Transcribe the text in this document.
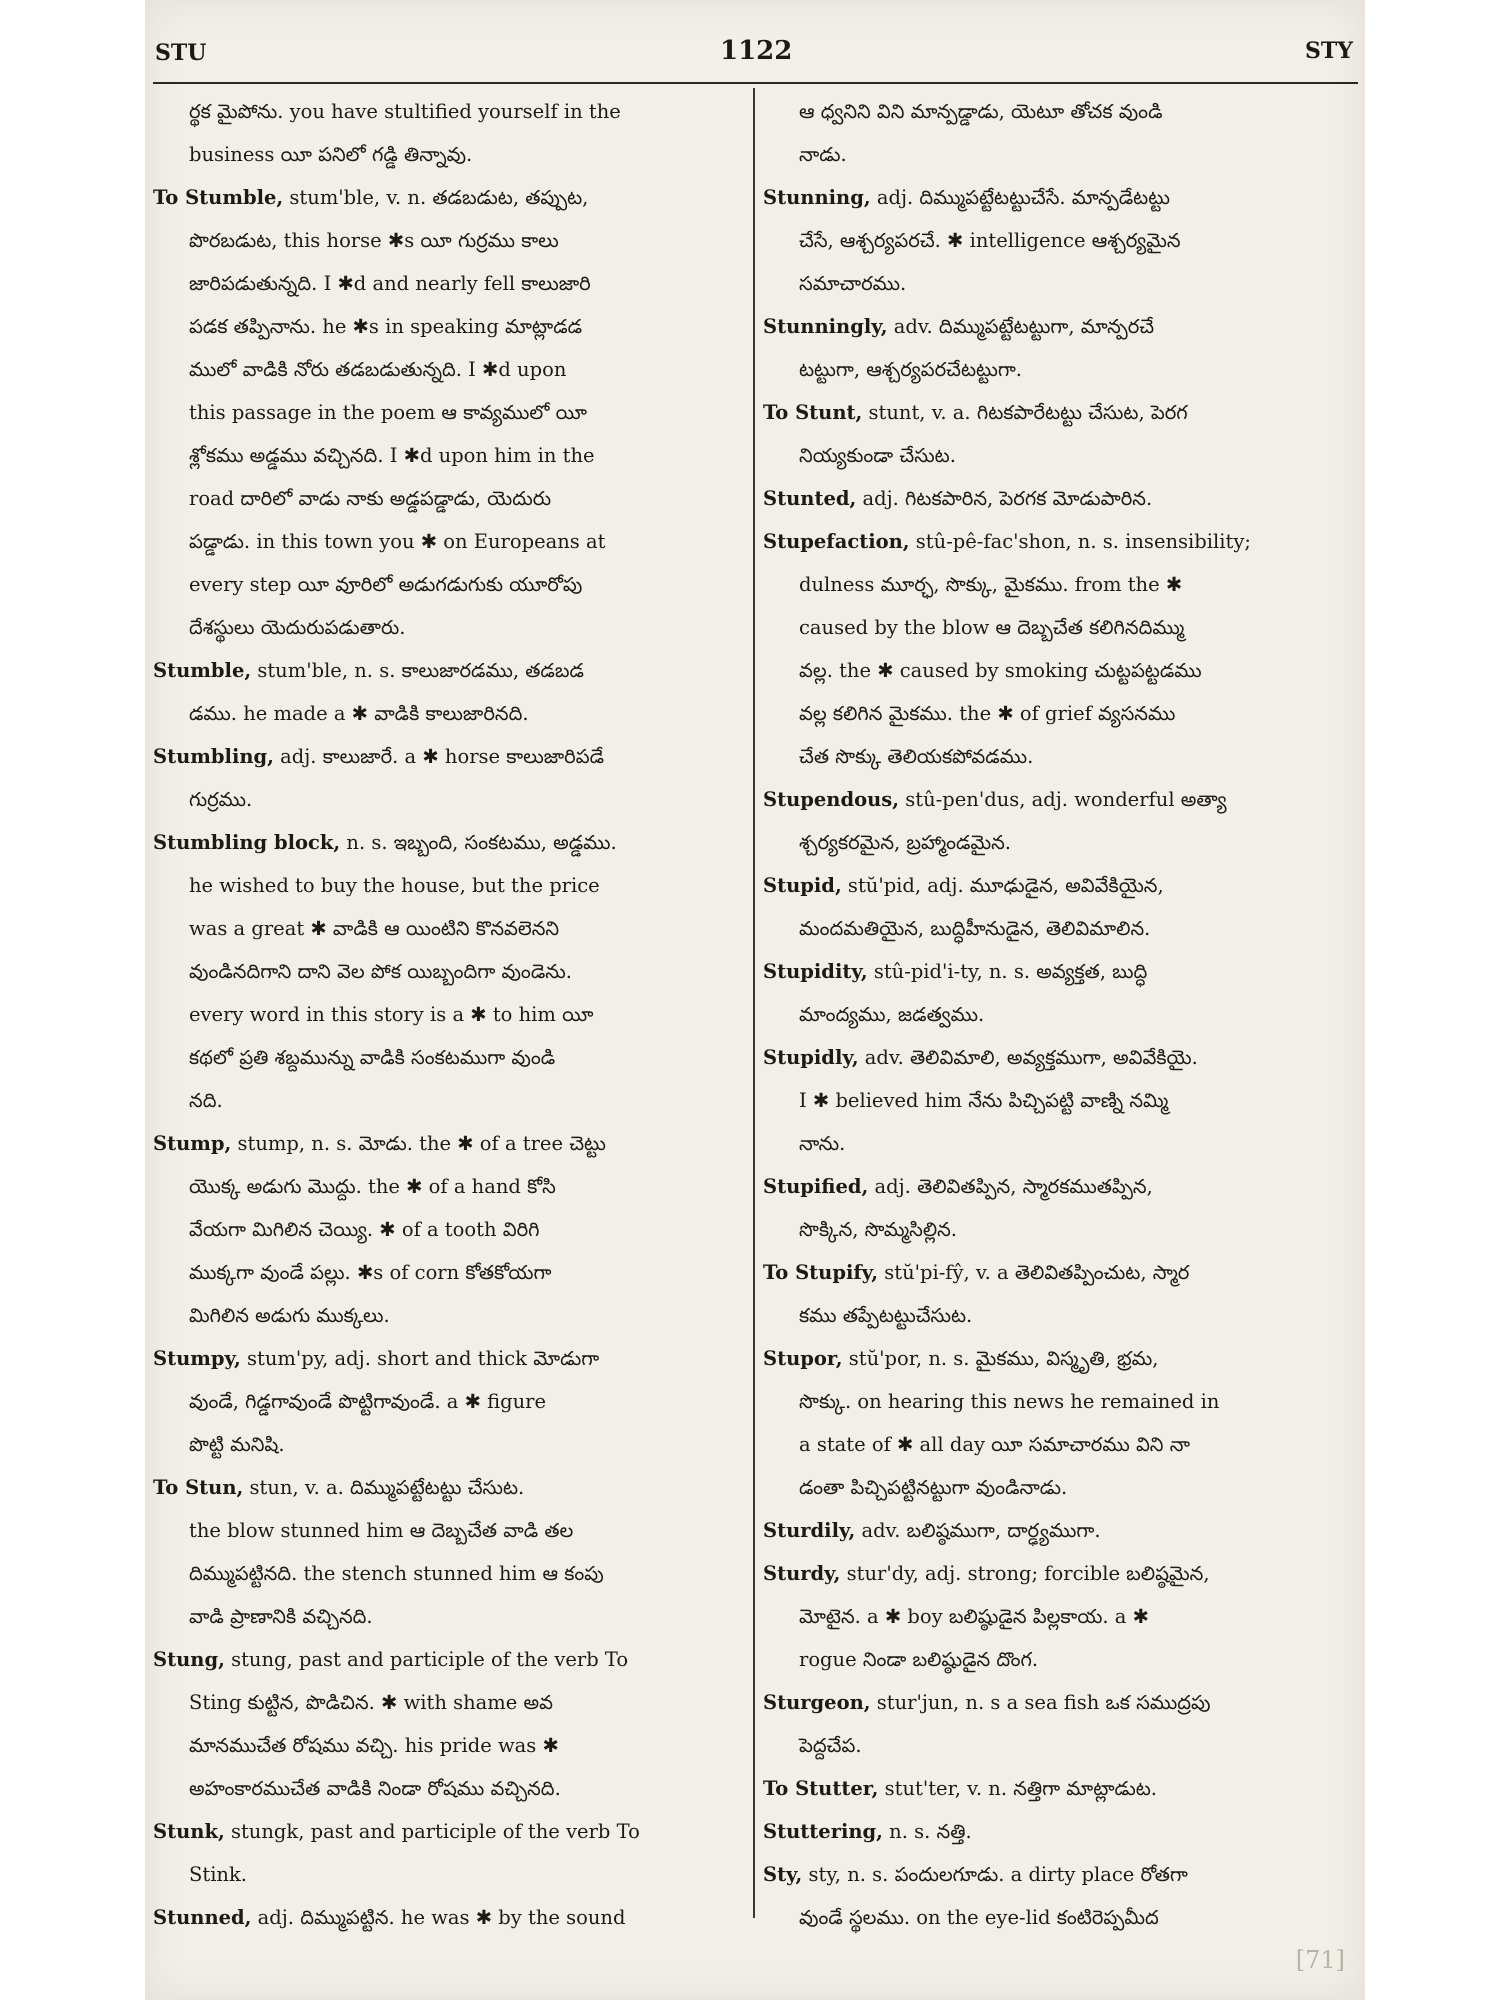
STU	1122	STY
ర్థక మైపోను. you have stultified yourself in the
business యీ పనిలో గడ్డి తిన్నావు.
To Stumble, stum'ble, v. n. తడబడుట, తప్పుట,
పొరబడుట, this horse ✱s యీ గుర్రము కాలు
జారిపడుతున్నది. I ✱d and nearly fell కాలుజారి
పడక తప్పినాను. he ✱s in speaking మాట్లాడడ
ములో వాడికి నోరు తడబడుతున్నది. I ✱d upon
this passage in the poem ఆ కావ్యములో యీ
శ్లోకము అడ్డము వచ్చినది. I ✱d upon him in the
road దారిలో వాడు నాకు అడ్డపడ్డాడు, యెదురు
పడ్డాడు. in this town you ✱ on Europeans at
every step యీ వూరిలో అడుగడుగుకు యూరోపు
దేశస్థులు యెదురుపడుతారు.
Stumble, stum'ble, n. s. కాలుజారడము, తడబడ
డము. he made a ✱ వాడికి కాలుజారినది.
Stumbling, adj. కాలుజారే. a ✱ horse కాలుజారిపడే
గుర్రము.
Stumbling block, n. s. ఇబ్బంది, సంకటము, అడ్డము.
he wished to buy the house, but the price
was a great ✱ వాడికి ఆ యింటిని కొనవలెనని
వుండినదిగాని దాని వెల పోక యిబ్బందిగా వుండెను.
every word in this story is a ✱ to him యీ
కథలో ప్రతి శబ్దమున్ను వాడికి సంకటముగా వుండి
నది.
Stump, stump, n. s. మోడు. the ✱ of a tree చెట్టు
యొక్క అడుగు మొద్దు. the ✱ of a hand కోసి
వేయగా మిగిలిన చెయ్యి. ✱ of a tooth విరిగి
ముక్కగా వుండే పల్లు. ✱s of corn కోతకోయగా
మిగిలిన అడుగు ముక్కలు.
Stumpy, stum'py, adj. short and thick మోడుగా
వుండే, గిడ్డగావుండే పొట్టిగావుండే. a ✱ figure
పొట్టి మనిషి.
To Stun, stun, v. a. దిమ్ముపట్టేటట్టు చేసుట.
the blow stunned him ఆ దెబ్బచేత వాడి తల
దిమ్ముపట్టినది. the stench stunned him ఆ కంపు
వాడి ప్రాణానికి వచ్చినది.
Stung, stung, past and participle of the verb To
Sting కుట్టిన, పొడిచిన. ✱ with shame అవ
మానముచేత రోషము వచ్చి. his pride was ✱
అహంకారముచేత వాడికి నిండా రోషము వచ్చినది.
Stunk, stungk, past and participle of the verb To
Stink.
Stunned, adj. దిమ్ముపట్టిన. he was ✱ by the sound
ఆ ధ్వనిని విని మాన్పడ్డాడు, యెటూ తోచక వుండి
నాడు.
Stunning, adj. దిమ్ముపట్టేటట్టుచేసే. మాన్పడేటట్టు
చేసే, ఆశ్చర్యపరచే. ✱ intelligence ఆశ్చర్యమైన
సమాచారము.
Stunningly, adv. దిమ్ముపట్టేటట్టుగా, మాన్పరచే
టట్టుగా, ఆశ్చర్యపరచేటట్టుగా.
To Stunt, stunt, v. a. గిటకపారేటట్టు చేసుట, పెరగ
నియ్యకుండా చేసుట.
Stunted, adj. గిటకపారిన, పెరగక మోడుపారిన.
Stupefaction, stû-pê-fac'shon, n. s. insensibility;
dulness మూర్ఛ, సొక్కు, మైకము. from the ✱
caused by the blow ఆ దెబ్బచేత కలిగినదిమ్ము
వల్ల. the ✱ caused by smoking చుట్టపట్టడము
వల్ల కలిగిన మైకము. the ✱ of grief వ్యసనము
చేత సొక్కు తెలియకపోవడము.
Stupendous, stû-pen'dus, adj. wonderful అత్యా
శ్చర్యకరమైన, బ్రహ్మాండమైన.
Stupid, stŭ'pid, adj. మూఢుడైన, అవివేకియైన,
మందమతియైన, బుద్ధిహీనుడైన, తెలివిమాలిన.
Stupidity, stû-pid'i-ty, n. s. అవ్యక్తత, బుద్ధి
మాంద్యము, జడత్వము.
Stupidly, adv. తెలివిమాలి, అవ్యక్తముగా, అవివేకియై.
I ✱ believed him నేను పిచ్చిపట్టి వాణ్ని నమ్మి
నాను.
Stupified, adj. తెలివితప్పిన, స్మారకముతప్పిన,
సొక్కిన, సొమ్మసిల్లిన.
To Stupify, stŭ'pi-fŷ, v. a తెలివితప్పించుట, స్మార
కము తప్పేటట్టుచేసుట.
Stupor, stŭ'por, n. s. మైకము, విస్మృతి, భ్రమ,
సొక్కు. on hearing this news he remained in
a state of ✱ all day యీ సమాచారము విని నా
డంతా పిచ్చిపట్టినట్టుగా వుండినాడు.
Sturdily, adv. బలిష్ఠముగా, దార్ఢ్యముగా.
Sturdy, stur'dy, adj. strong; forcible బలిష్ఠమైన,
మోటైన. a ✱ boy బలిష్ఠుడైన పిల్లకాయ. a ✱
rogue నిండా బలిష్ఠుడైన దొంగ.
Sturgeon, stur'jun, n. s a sea fish ఒక సముద్రపు
పెద్దచేప.
To Stutter, stut'ter, v. n. నత్తిగా మాట్లాడుట.
Stuttering, n. s. నత్తి.
Sty, sty, n. s. పందులగూడు. a dirty place రోతగా
వుండే స్థలము. on the eye-lid కంటిరెప్పమీద
[71]
